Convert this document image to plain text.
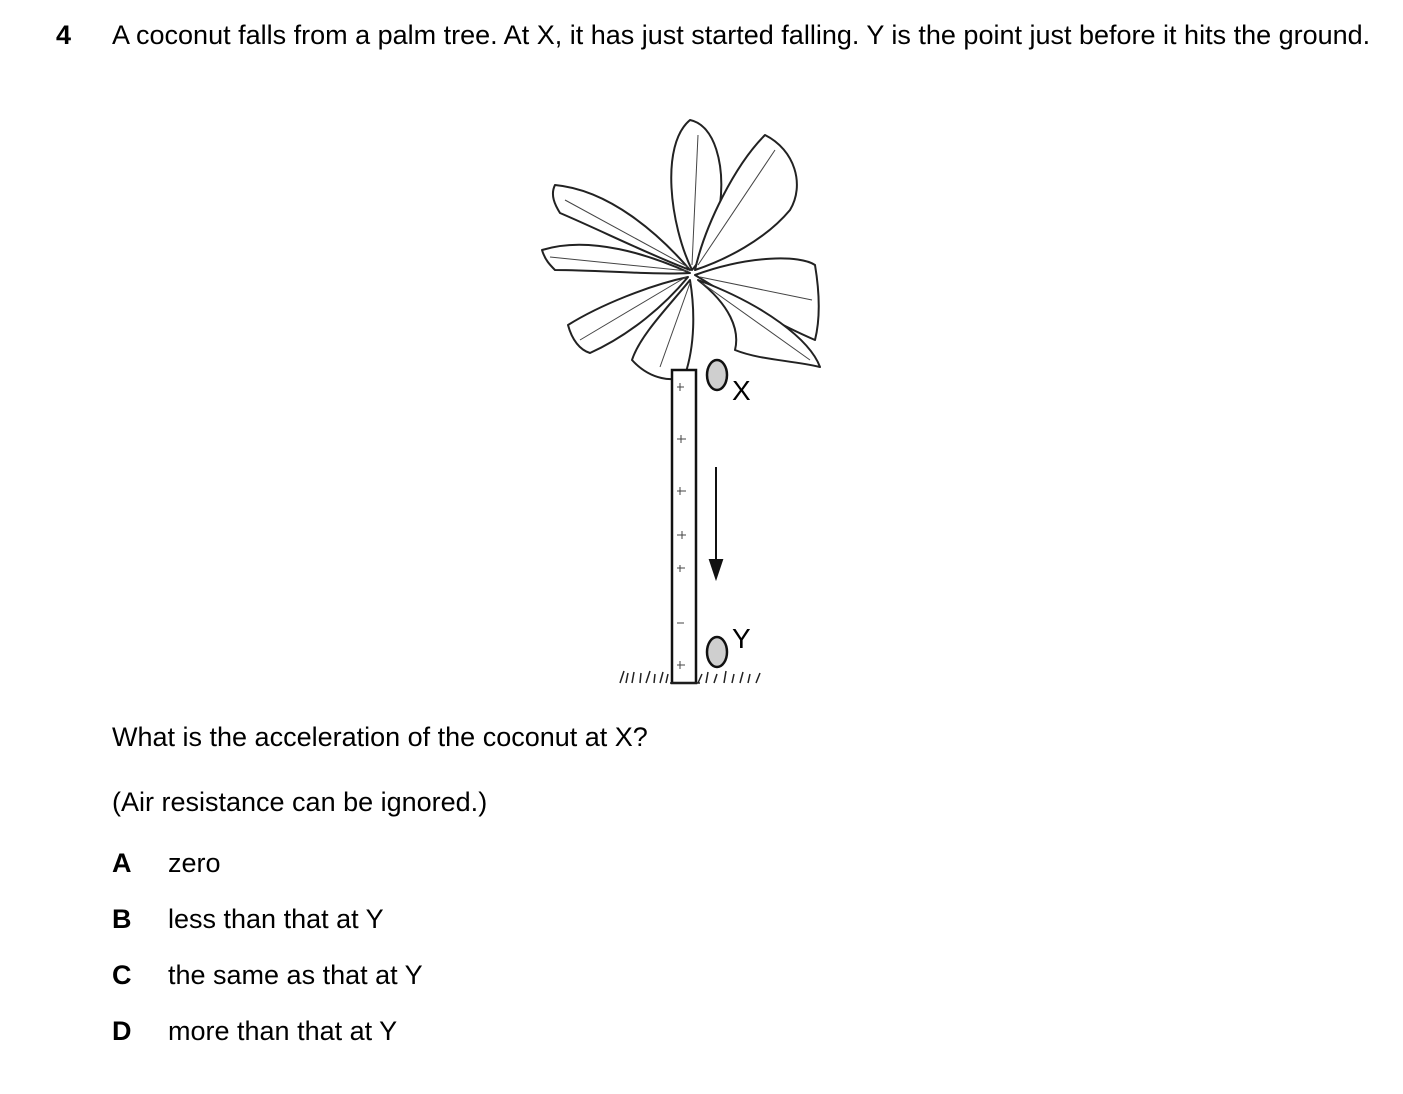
4 A coconut falls from a palm tree. At X, it has just started falling. Y is the point just before it hits the ground.
X
Y
What is the acceleration of the coconut at X?
(Air resistance can be ignored.)
A zero
B less than that at Y
C the same as that at Y
D more than that at Y
